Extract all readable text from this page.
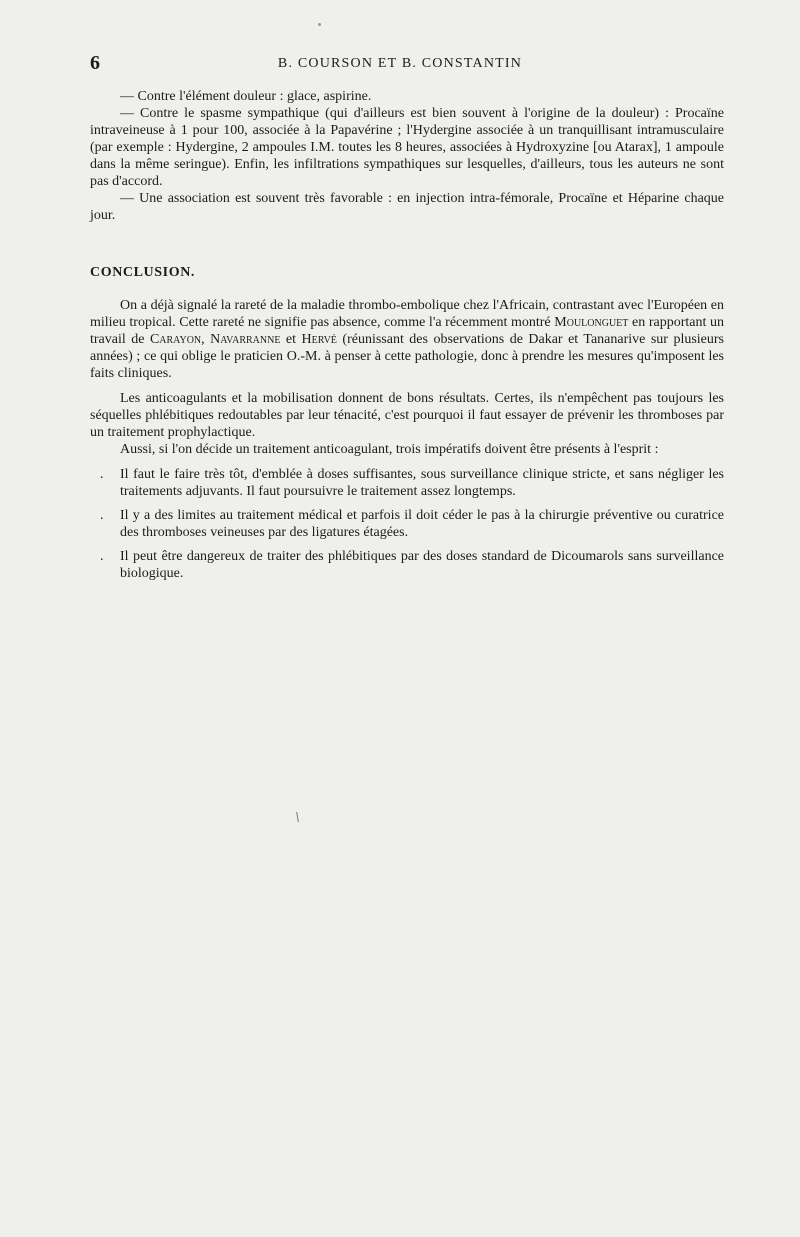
6	B. COURSON ET B. CONSTANTIN

— Contre l'élément douleur : glace, aspirine.

— Contre le spasme sympathique (qui d'ailleurs est bien souvent à l'origine de la douleur) : Procaïne intraveineuse à 1 pour 100, associée à la Papavérine ; l'Hydergine associée à un tranquillisant intramusculaire (par exemple : Hydergine, 2 ampoules I.M. toutes les 8 heures, associées à Hydroxyzine [ou Atarax], 1 ampoule dans la même seringue). Enfin, les infiltrations sympathiques sur lesquelles, d'ailleurs, tous les auteurs ne sont pas d'accord.

— Une association est souvent très favorable : en injection intra-fémorale, Procaïne et Héparine chaque jour.

CONCLUSION.

On a déjà signalé la rareté de la maladie thrombo-embolique chez l'Africain, contrastant avec l'Européen en milieu tropical. Cette rareté ne signifie pas absence, comme l'a récemment montré Moulonguet en rapportant un travail de Carayon, Navarranne et Hervé (réunissant des observations de Dakar et Tananarive sur plusieurs années) ; ce qui oblige le praticien O.-M. à penser à cette pathologie, donc à prendre les mesures qu'imposent les faits cliniques.

Les anticoagulants et la mobilisation donnent de bons résultats. Certes, ils n'empêchent pas toujours les séquelles phlébitiques redoutables par leur ténacité, c'est pourquoi il faut essayer de prévenir les thromboses par un traitement prophylactique.

Aussi, si l'on décide un traitement anticoagulant, trois impératifs doivent être présents à l'esprit :

. Il faut le faire très tôt, d'emblée à doses suffisantes, sous surveillance clinique stricte, et sans négliger les traitements adjuvants. Il faut poursuivre le traitement assez longtemps.
. Il y a des limites au traitement médical et parfois il doit céder le pas à la chirurgie préventive ou curatrice des thromboses veineuses par des ligatures étagées.
. Il peut être dangereux de traiter des phlébitiques par des doses standard de Dicoumarols sans surveillance biologique.
